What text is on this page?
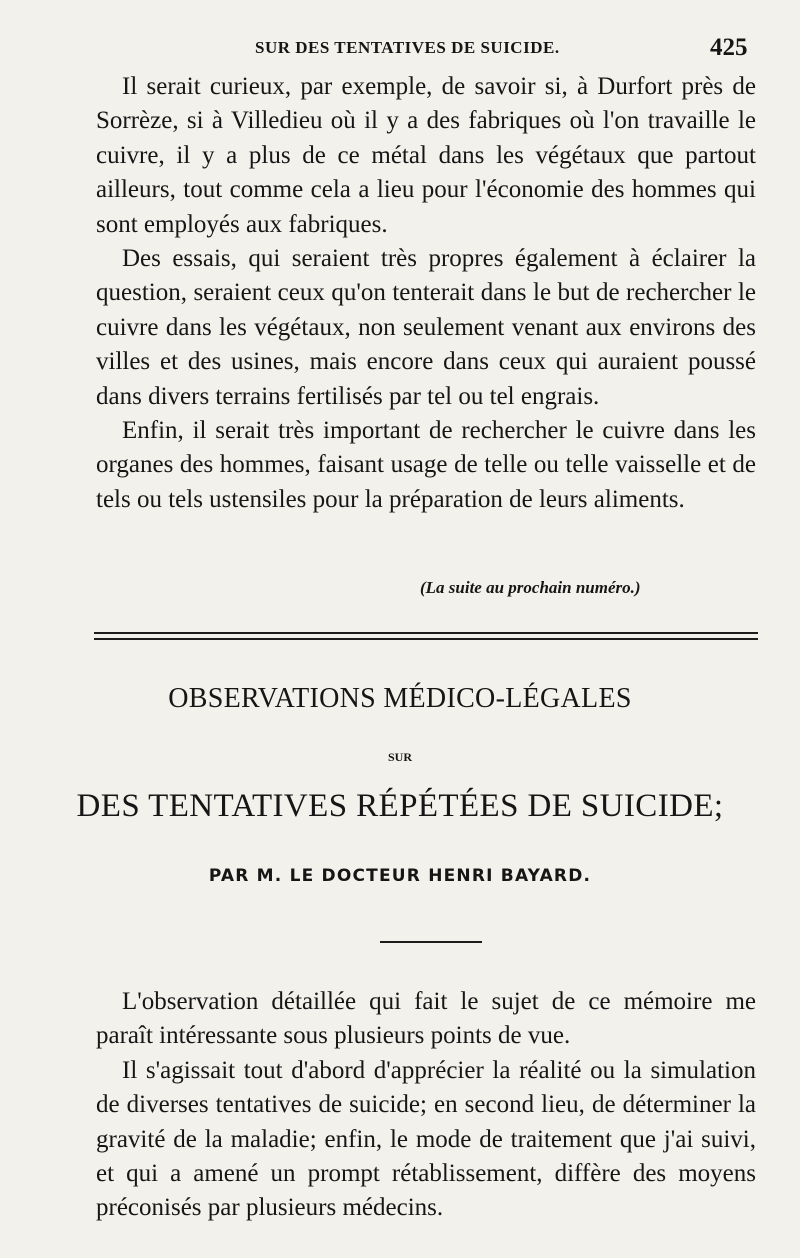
SUR DES TENTATIVES DE SUICIDE.	425

Il serait curieux, par exemple, de savoir si, à Durfort près de Sorrèze, si à Villedieu où il y a des fabriques où l'on travaille le cuivre, il y a plus de ce métal dans les végétaux que partout ailleurs, tout comme cela a lieu pour l'économie des hommes qui sont employés aux fabriques.

Des essais, qui seraient très propres également à éclairer la question, seraient ceux qu'on tenterait dans le but de rechercher le cuivre dans les végétaux, non seulement venant aux environs des villes et des usines, mais encore dans ceux qui auraient poussé dans divers terrains fertilisés par tel ou tel engrais.

Enfin, il serait très important de rechercher le cuivre dans les organes des hommes, faisant usage de telle ou telle vaisselle et de tels ou tels ustensiles pour la préparation de leurs aliments.

(La suite au prochain numéro.)
OBSERVATIONS MÉDICO-LÉGALES
SUR
DES TENTATIVES RÉPÉTÉES DE SUICIDE;
PAR M. LE DOCTEUR HENRI BAYARD.

L'observation détaillée qui fait le sujet de ce mémoire me paraît intéressante sous plusieurs points de vue.

Il s'agissait tout d'abord d'apprécier la réalité ou la simulation de diverses tentatives de suicide; en second lieu, de déterminer la gravité de la maladie; enfin, le mode de traitement que j'ai suivi, et qui a amené un prompt rétablissement, diffère des moyens préconisés par plusieurs médecins.
